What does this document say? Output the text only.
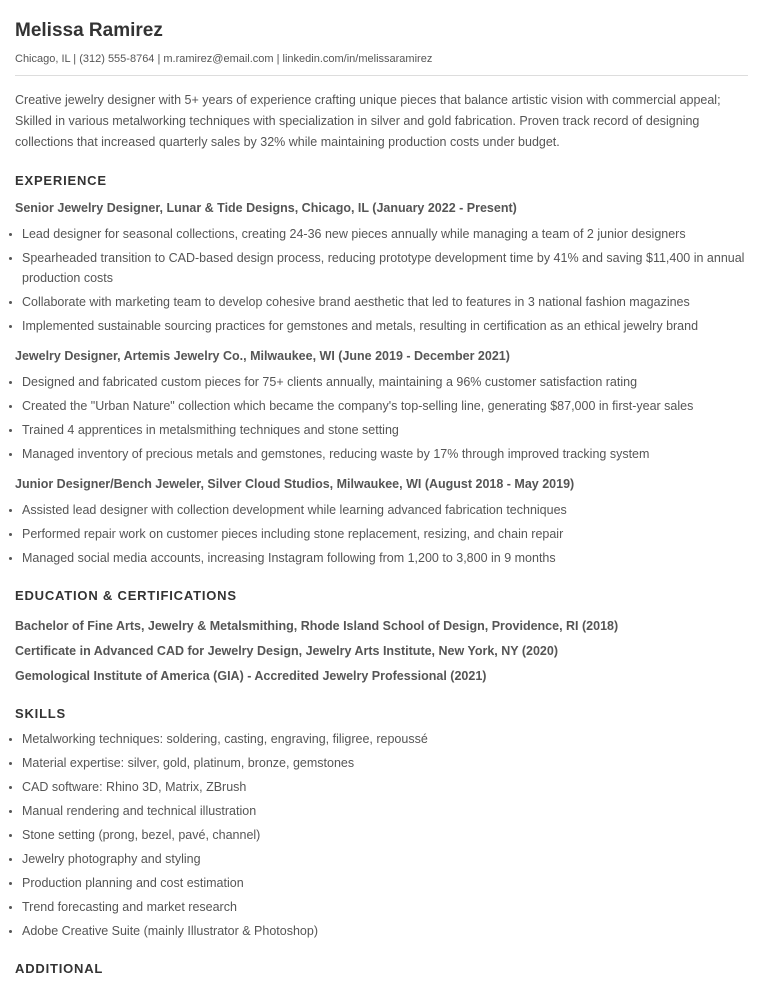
Melissa Ramirez
Chicago, IL | (312) 555-8764 | m.ramirez@email.com | linkedin.com/in/melissaramirez

Creative jewelry designer with 5+ years of experience crafting unique pieces that balance artistic vision with commercial appeal; Skilled in various metalworking techniques with specialization in silver and gold fabrication. Proven track record of designing collections that increased quarterly sales by 32% while maintaining production costs under budget.

EXPERIENCE
Senior Jewelry Designer, Lunar & Tide Designs, Chicago, IL (January 2022 - Present)
• Lead designer for seasonal collections, creating 24-36 new pieces annually while managing a team of 2 junior designers
• Spearheaded transition to CAD-based design process, reducing prototype development time by 41% and saving $11,400 in annual production costs
• Collaborate with marketing team to develop cohesive brand aesthetic that led to features in 3 national fashion magazines
• Implemented sustainable sourcing practices for gemstones and metals, resulting in certification as an ethical jewelry brand
Jewelry Designer, Artemis Jewelry Co., Milwaukee, WI (June 2019 - December 2021)
• Designed and fabricated custom pieces for 75+ clients annually, maintaining a 96% customer satisfaction rating
• Created the "Urban Nature" collection which became the company's top-selling line, generating $87,000 in first-year sales
• Trained 4 apprentices in metalsmithing techniques and stone setting
• Managed inventory of precious metals and gemstones, reducing waste by 17% through improved tracking system
Junior Designer/Bench Jeweler, Silver Cloud Studios, Milwaukee, WI (August 2018 - May 2019)
• Assisted lead designer with collection development while learning advanced fabrication techniques
• Performed repair work on customer pieces including stone replacement, resizing, and chain repair
• Managed social media accounts, increasing Instagram following from 1,200 to 3,800 in 9 months
EDUCATION & CERTIFICATIONS

Bachelor of Fine Arts, Jewelry & Metalsmithing, Rhode Island School of Design, Providence, RI (2018)

Certificate in Advanced CAD for Jewelry Design, Jewelry Arts Institute, New York, NY (2020)

Gemological Institute of America (GIA) - Accredited Jewelry Professional (2021)

SKILLS
• Metalworking techniques: soldering, casting, engraving, filigree, repoussé
• Material expertise: silver, gold, platinum, bronze, gemstones
• CAD software: Rhino 3D, Matrix, ZBrush
• Manual rendering and technical illustration
• Stone setting (prong, bezel, pavé, channel)
• Jewelry photography and styling
• Production planning and cost estimation
• Trend forecasting and market research
• Adobe Creative Suite (mainly Illustrator & Photoshop)
ADDITIONAL
